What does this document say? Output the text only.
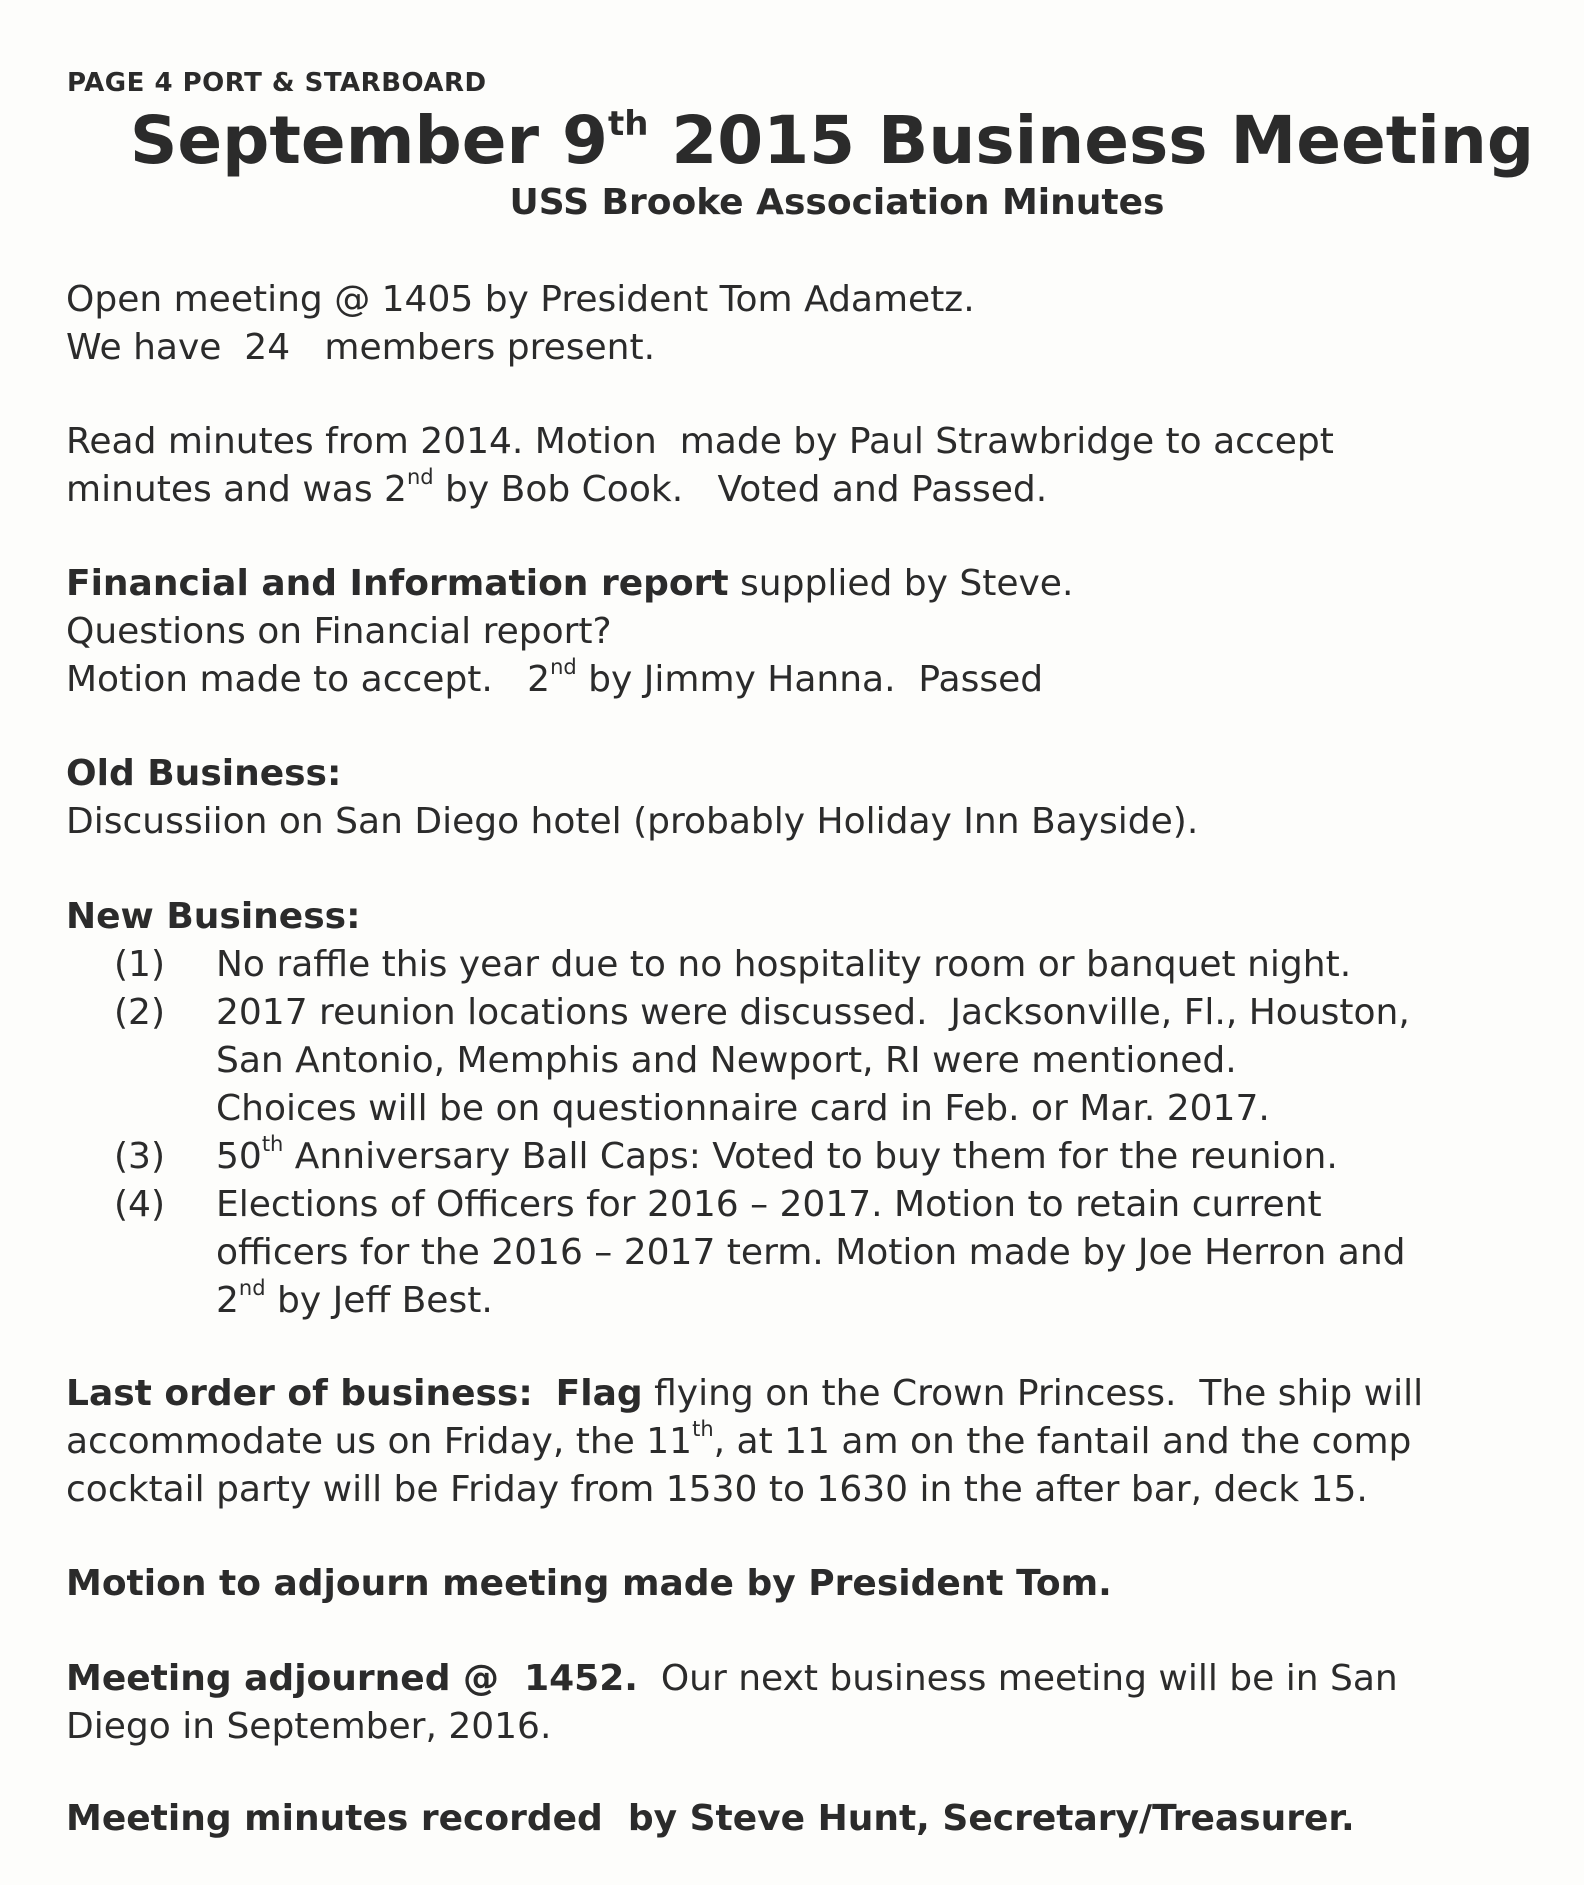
PAGE 4 PORT & STARBOARD
September 9th 2015 Business Meeting
USS Brooke Association Minutes
Open meeting @ 1405 by President Tom Adametz.
We have  24   members present.
Read minutes from 2014. Motion  made by Paul Strawbridge to accept
minutes and was 2nd by Bob Cook.   Voted and Passed.
Financial and Information report supplied by Steve.
Questions on Financial report?
Motion made to accept.   2nd by Jimmy Hanna.  Passed
Old Business:
Discussiion on San Diego hotel (probably Holiday Inn Bayside).
New Business:
(1)	No raffle this year due to no hospitality room or banquet night.
(2)	2017 reunion locations were discussed.  Jacksonville, Fl., Houston,
San Antonio, Memphis and Newport, RI were mentioned.
Choices will be on questionnaire card in Feb. or Mar. 2017.
(3)	50th Anniversary Ball Caps: Voted to buy them for the reunion.
(4)	Elections of Officers for 2016 – 2017. Motion to retain current
officers for the 2016 – 2017 term. Motion made by Joe Herron and
2nd by Jeff Best.
Last order of business: Flag flying on the Crown Princess.  The ship will
accommodate us on Friday, the 11th, at 11 am on the fantail and the comp
cocktail party will be Friday from 1530 to 1630 in the after bar, deck 15.
Motion to adjourn meeting made by President Tom.
Meeting adjourned @  1452.  Our next business meeting will be in San
Diego in September, 2016.
Meeting minutes recorded  by Steve Hunt, Secretary/Treasurer.
